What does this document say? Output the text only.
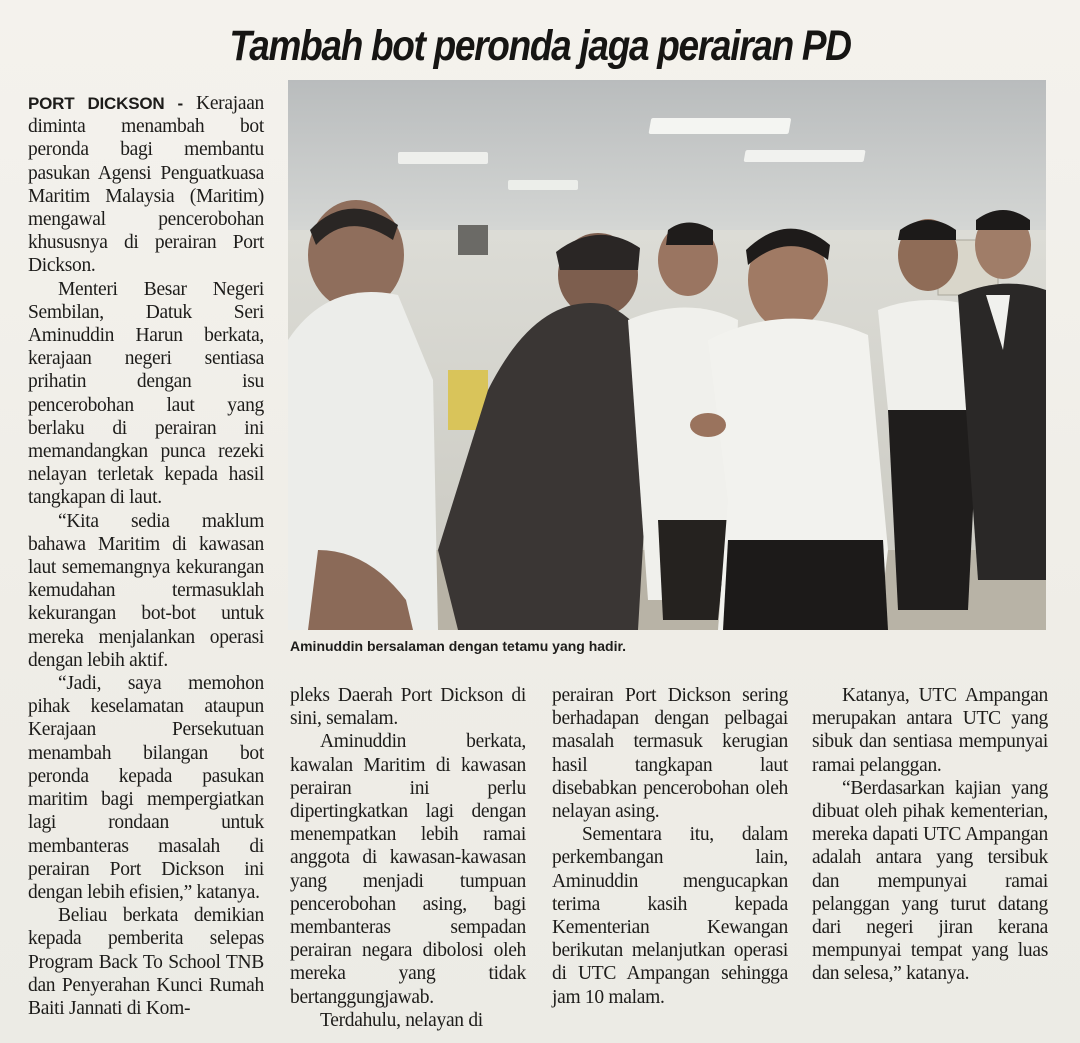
Tambah bot peronda jaga perairan PD

PORT DICKSON - Kerajaan diminta menambah bot peronda bagi membantu pasukan Agensi Penguatkuasa Maritim Malaysia (Maritim) mengawal pencerobohan khususnya di perairan Port Dickson.

Menteri Besar Negeri Sembilan, Datuk Seri Aminuddin Harun berkata, kerajaan negeri sentiasa prihatin dengan isu pencerobohan laut yang berlaku di perairan ini memandangkan punca rezeki nelayan terletak kepada hasil tangkapan di laut.

“Kita sedia maklum bahawa Maritim di kawasan laut sememangnya kekurangan kemudahan termasuklah kekurangan bot-bot untuk mereka menjalankan operasi dengan lebih aktif.

“Jadi, saya memohon pihak keselamatan ataupun Kerajaan Persekutuan menambah bilangan bot peronda kepada pasukan maritim bagi mempergiatkan lagi rondaan untuk membanteras masalah di perairan Port Dickson ini dengan lebih efisien,” katanya.

Beliau berkata demikian kepada pemberita selepas Program Back To School TNB dan Penyerahan Kunci Rumah Baiti Jannati di Kom-

Aminuddin bersalaman dengan tetamu yang hadir.

pleks Daerah Port Dickson di sini, semalam.

Aminuddin berkata, kawalan Maritim di kawasan perairan ini perlu dipertingkatkan lagi dengan menempatkan lebih ramai anggota di kawasan-kawasan yang menjadi tumpuan pencerobohan asing, bagi membanteras sempadan perairan negara dibolosi oleh mereka yang tidak bertanggungjawab.

Terdahulu, nelayan di

perairan Port Dickson sering berhadapan dengan pelbagai masalah termasuk kerugian hasil tangkapan laut disebabkan pencerobohan oleh nelayan asing.

Sementara itu, dalam perkembangan lain, Aminuddin mengucapkan terima kasih kepada Kementerian Kewangan berikutan melanjutkan operasi di UTC Ampangan sehingga jam 10 malam.

Katanya, UTC Ampangan merupakan antara UTC yang sibuk dan sentiasa mempunyai ramai pelanggan.

“Berdasarkan kajian yang dibuat oleh pihak kementerian, mereka dapati UTC Ampangan adalah antara yang tersibuk dan mempunyai ramai pelanggan yang turut datang dari negeri jiran kerana mempunyai tempat yang luas dan selesa,” katanya.
